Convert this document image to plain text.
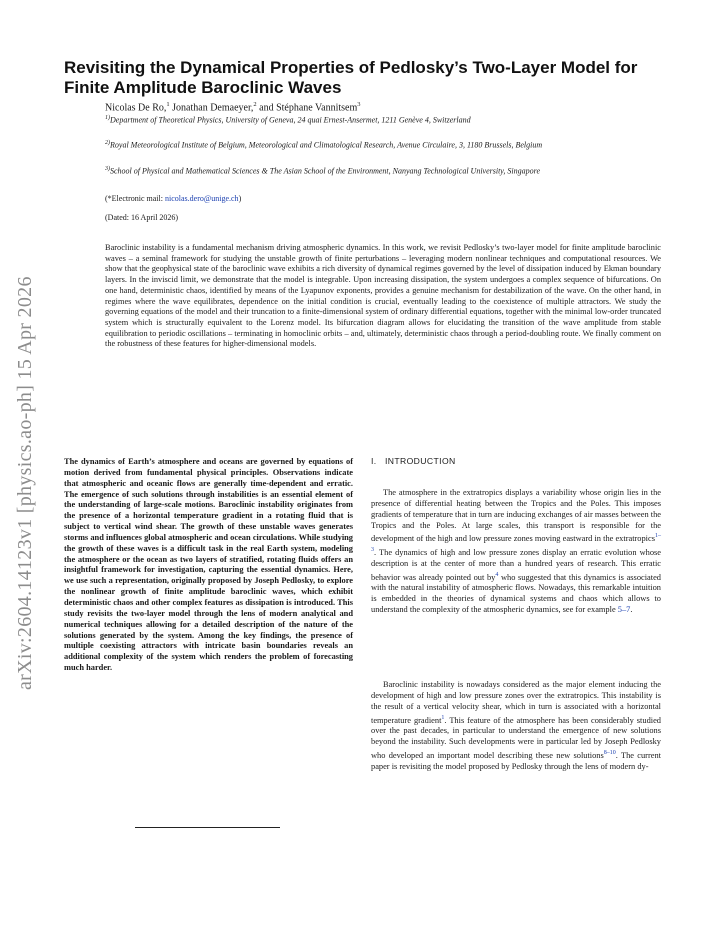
arXiv:2604.14123v1 [physics.ao-ph] 15 Apr 2026
Revisiting the Dynamical Properties of Pedlosky’s Two-Layer Model for Finite Amplitude Baroclinic Waves
Nicolas De Ro,$^1$ Jonathan Demaeyer,$^2$ and Stéphane Vannitsem$^3$
$^{1)}$Department of Theoretical Physics, University of Geneva, 24 quai Ernest-Ansermet, 1211 Genève 4, Switzerland
$^{2)}$Royal Meteorological Institute of Belgium, Meteorological and Climatological Research, Avenue Circulaire, 3, 1180 Brussels, Belgium
$^{3)}$School of Physical and Mathematical Sciences & The Asian School of the Environment, Nanyang Technological University, Singapore
(*Electronic mail: nicolas.dero@unige.ch)
(Dated: 16 April 2026)

Baroclinic instability is a fundamental mechanism driving atmospheric dynamics. In this work, we revisit Pedlosky’s two-layer model for finite amplitude baroclinic waves – a seminal framework for studying the unstable growth of finite perturbations – leveraging modern nonlinear techniques and computational resources. We show that the geophysical state of the baroclinic wave exhibits a rich diversity of dynamical regimes governed by the level of dissipation induced by Ekman boundary layers. In the inviscid limit, we demonstrate that the model is integrable. Upon increasing dissipation, the system undergoes a complex sequence of bifurcations. On one hand, deterministic chaos, identified by means of the Lyapunov exponents, provides a genuine mechanism for destabilization of the wave. On the other hand, in regimes where the wave equilibrates, dependence on the initial condition is crucial, eventually leading to the coexistence of multiple attractors. We study the governing equations of the model and their truncation to a finite-dimensional system of ordinary differential equations, together with the minimal low-order truncated system which is structurally equivalent to the Lorenz model. Its bifurcation diagram allows for elucidating the transition of the wave amplitude from stable equilibration to periodic oscillations – terminating in homoclinic orbits – and, ultimately, deterministic chaos through a period-doubling route. We finally comment on the robustness of these features for higher-dimensional models.

The dynamics of Earth’s atmosphere and oceans are governed by equations of motion derived from fundamental physical principles. Observations indicate that atmospheric and oceanic flows are generally time-dependent and erratic. The emergence of such solutions through instabilities is an essential element of the understanding of large-scale motions. Baroclinic instability originates from the presence of a horizontal temperature gradient in a rotating fluid that is subject to vertical wind shear. The growth of these unstable waves generates storms and influences global atmospheric and ocean circulations. While studying the growth of these waves is a difficult task in the real Earth system, modeling the atmosphere or the ocean as two layers of stratified, rotating fluids offers an insightful framework for investigation, capturing the essential dynamics. Here, we use such a representation, originally proposed by Joseph Pedlosky, to explore the nonlinear growth of finite amplitude baroclinic waves, which exhibit deterministic chaos and other complex features as dissipation is introduced. This study revisits the two-layer model through the lens of modern analytical and numerical techniques allowing for a detailed description of the nature of the solutions generated by the system. Among the key findings, the presence of multiple coexisting attractors with intricate basin boundaries reveals an additional complexity of the system which renders the problem of forecasting much harder.

I. INTRODUCTION

The atmosphere in the extratropics displays a variability whose origin lies in the presence of differential heating between the Tropics and the Poles. This imposes gradients of temperature that in turn are inducing exchanges of air masses between the Tropics and the Poles. At large scales, this transport is responsible for the development of the high and low pressure zones moving eastward in the extratropics$^{1-3}$. The dynamics of high and low pressure zones display an erratic evolution whose description is at the center of more than a hundred years of research. This erratic behavior was already pointed out by$^4$ who suggested that this dynamics is associated with the natural instability of atmospheric flows. Nowadays, this remarkable intuition is embedded in the theories of dynamical systems and chaos which allows to understand the complexity of the atmospheric dynamics, see for example 5–7.

Baroclinic instability is nowadays considered as the major element inducing the development of high and low pressure zones over the extratropics. This instability is the result of a vertical velocity shear, which in turn is associated with a horizontal temperature gradient$^1$. This feature of the atmosphere has been considerably studied over the past decades, in particular to understand the emergence of new solutions beyond the instability. Such developments were in particular led by Joseph Pedlosky who developed an important model describing these new solutions$^{8-10}$. The current paper is revisiting the model proposed by Pedlosky through the lens of modern dy-
